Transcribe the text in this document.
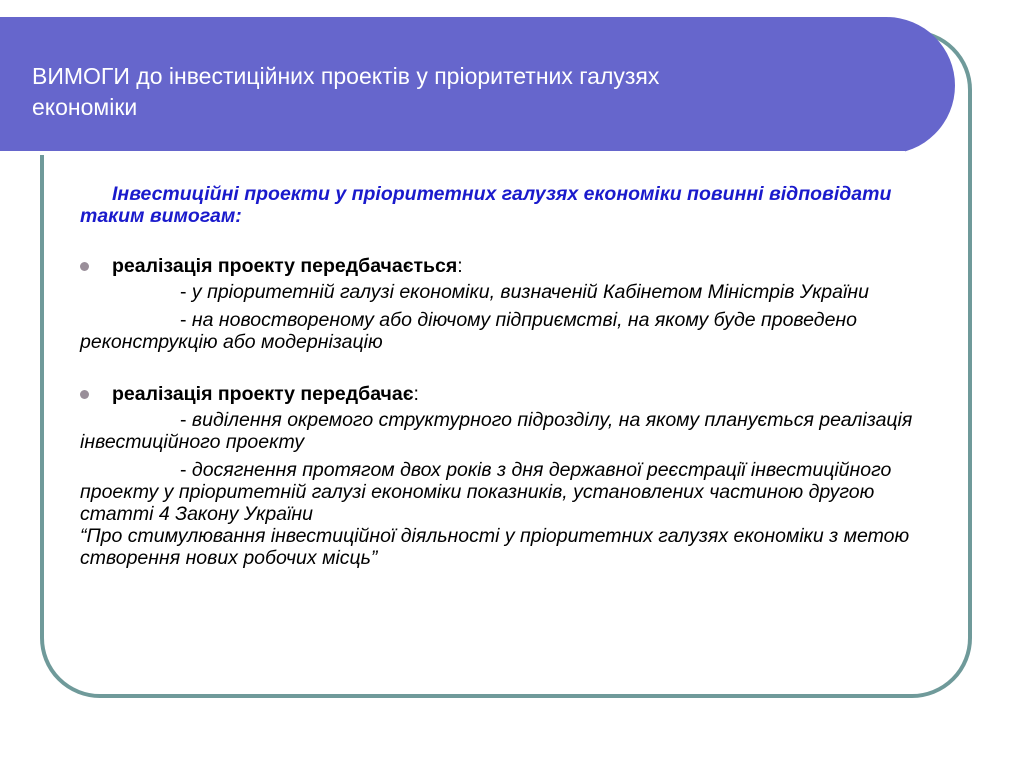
ВИМОГИ до інвестиційних проектів у пріоритетних галузях
економіки

Інвестиційні проекти у пріоритетних галузях економіки повинні відповідати таким вимогам:

реалізація проекту передбачається:

- у пріоритетній галузі економіки, визначеній Кабінетом Міністрів України

- на новоствореному або діючому підприємстві, на якому буде проведено реконструкцію або модернізацію

реалізація проекту передбачає:

- виділення окремого структурного підрозділу, на якому планується реалізація інвестиційного проекту

- досягнення протягом двох років з дня державної реєстрації інвестиційного проекту у пріоритетній галузі економіки показників, установлених частиною другою статті 4 Закону України

“Про стимулювання інвестиційної діяльності у пріоритетних галузях економіки з метою створення нових робочих місць”
